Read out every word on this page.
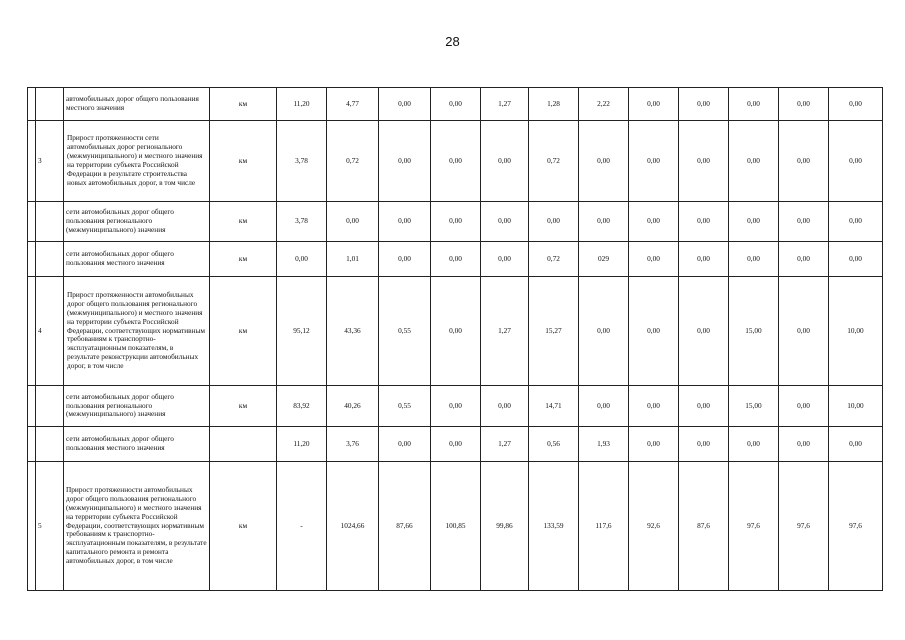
28
		автомобильных дорог общего пользования местного значения	км	11,20	4,77	0,00	0,00	1,27	1,28	2,22	0,00	0,00	0,00	0,00	0,00
	3	Прирост протяженности сети автомобильных дорог регионального (межмуниципального) и местного значения на территории субъекта Российской Федерации в результате строительства новых автомобильных дорог, в том числе	км	3,78	0,72	0,00	0,00	0,00	0,72	0,00	0,00	0,00	0,00	0,00	0,00
		сети автомобильных дорог общего пользования регионального (межмуниципального) значения	км	3,78	0,00	0,00	0,00	0,00	0,00	0,00	0,00	0,00	0,00	0,00	0,00
		сети автомобильных дорог общего пользования местного значения	км	0,00	1,01	0,00	0,00	0,00	0,72	029	0,00	0,00	0,00	0,00	0,00
	4	Прирост протяженности автомобильных дорог общего пользования регионального (межмуниципального) и местного значения на территории субъекта Российской Федерации, соответствующих нормативным требованиям к транспортно-эксплуатационным показателям, в результате реконструкции автомобильных дорог, в том числе	км	95,12	43,36	0,55	0,00	1,27	15,27	0,00	0,00	0,00	15,00	0,00	10,00
		сети автомобильных дорог общего пользования регионального (межмуниципального) значения	км	83,92	40,26	0,55	0,00	0,00	14,71	0,00	0,00	0,00	15,00	0,00	10,00
		сети автомобильных дорог общего пользования местного значения		11,20	3,76	0,00	0,00	1,27	0,56	1,93	0,00	0,00	0,00	0,00	0,00
	5	Прирост протяженности автомобильных дорог общего пользования регионального (межмуниципального) и местного значения на территории субъекта Российской Федерации, соответствующих нормативным требованиям к транспортно-эксплуатационным показателям, в результате капитального ремонта и ремонта автомобильных дорог, в том числе	км	-	1024,66	87,66	100,85	99,86	133,59	117,6	92,6	87,6	97,6	97,6	97,6
